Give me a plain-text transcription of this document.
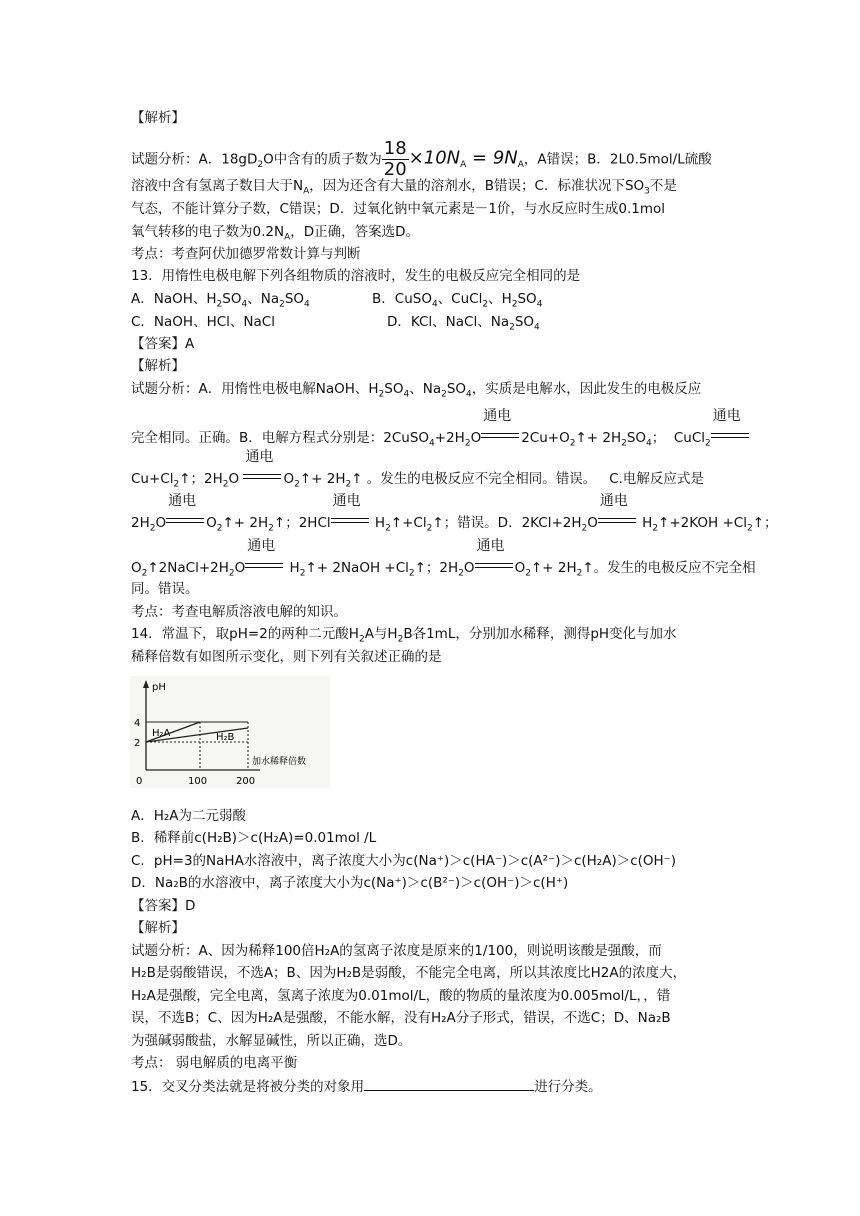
【解析】
试题分析：A．$18gD_2O$中含有的质子数为 $\frac{18}{20} \times 10N_A = 9N_A$，A错误；B．2L0.5mol/L硫酸
溶液中含有氢离子数目大于$N_A$，因为还含有大量的溶剂水，B错误；C．标准状况下$SO_3$不是
气态，不能计算分子数，C错误；D．过氧化钠中氧元素是－1价，与水反应时生成0.1mol
氧气转移的电子数为$0.2N_A$，D正确，答案选D。
考点：考查阿伏加德罗常数计算与判断
13．用惰性电极电解下列各组物质的溶液时，发生的电极反应完全相同的是
A．NaOH、$H_2SO_4$、$Na_2SO_4$	B．CuSO$_4$、CuCl$_2$、$H_2SO_4$
C．NaOH、HCl、NaCl	D．KCl、NaCl、$Na_2SO_4$
【答案】A
【解析】
试题分析：A．用惰性电极电解NaOH、$H_2SO_4$、$Na_2SO_4$，实质是电解水，因此发生的电极反应
完全相同。正确。B．电解方程式分别是：$2CuSO_4+2H_2O$
通电
$2Cu+O_2↑+ 2H_2SO_4$；  CuCl$_2$
通电
$Cu+Cl_2↑$；$2H_2O$
通电
$O_2↑+$ $2H_2↑$ 。发生的电极反应不完全相同。错误。   C.电解反应式是
$2H_2O$
通电
$O_2↑+$ $2H_2↑$；2HCl
通电
$H_2↑+Cl_2↑$；错误。D．$2KCl+2H_2O$
通电
$H_2↑+2KOH$ $+Cl_2↑$；
$O_2↑2NaCl+2H_2O$
通电
$H_2↑+$ 2NaOH $+Cl_2↑$；$2H_2O$
通电
$O_2↑+$ $2H_2↑$。发生的电极反应不完全相
同。错误。
考点：考查电解质溶液电解的知识。
14．常温下，取pH=2的两种二元酸$H_2A$与$H_2B$各1mL，分别加水稀释，测得pH变化与加水
稀释倍数有如图所示变化，则下列有关叙述正确的是
pH
4
2
H₂A	H₂B
加水稀释倍数
0	100	200
A．H₂A为二元弱酸
B．稀释前c(H₂B)＞c(H₂A)=0.01mol /L
C．pH=3的NaHA水溶液中，离子浓度大小为c(Na⁺)＞c(HA⁻)＞c(A²⁻)＞c(H₂A)＞c(OH⁻)
D．Na₂B的水溶液中，离子浓度大小为c(Na⁺)＞c(B²⁻)＞c(OH⁻)＞c(H⁺)
【答案】D
【解析】
试题分析：A、因为稀释100倍H₂A的氢离子浓度是原来的1/100，则说明该酸是强酸，而
H₂B是弱酸错误，不选A；B、因为H₂B是弱酸，不能完全电离，所以其浓度比H2A的浓度大，
H₂A是强酸，完全电离，氢离子浓度为0.01mol/L，酸的物质的量浓度为0.005mol/L，，错
误，不选B；C、因为H₂A是强酸，不能水解，没有H₂A分子形式，错误，不选C；D、Na₂B
为强碱弱酸盐，水解显碱性，所以正确，选D。
考点： 弱电解质的电离平衡
15．交叉分类法就是将被分类的对象用	进行分类。
